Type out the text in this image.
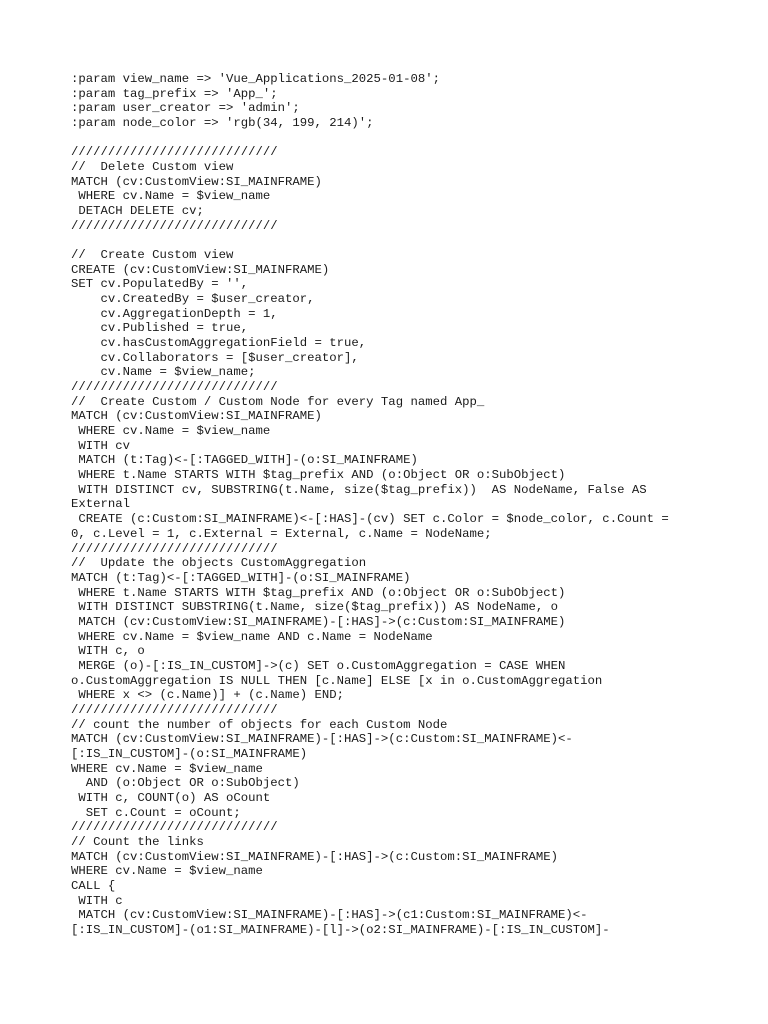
:param view_name => 'Vue_Applications_2025-01-08';
:param tag_prefix => 'App_';
:param user_creator => 'admin';
:param node_color => 'rgb(34, 199, 214)';
////////////////////////////
//  Delete Custom view
MATCH (cv:CustomView:SI_MAINFRAME)
WHERE cv.Name = $view_name
DETACH DELETE cv;
////////////////////////////
//  Create Custom view
CREATE (cv:CustomView:SI_MAINFRAME)
SET cv.PopulatedBy = '',
cv.CreatedBy = $user_creator,
cv.AggregationDepth = 1,
cv.Published = true,
cv.hasCustomAggregationField = true,
cv.Collaborators = [$user_creator],
cv.Name = $view_name;
////////////////////////////
//  Create Custom / Custom Node for every Tag named App_
MATCH (cv:CustomView:SI_MAINFRAME)
WHERE cv.Name = $view_name
WITH cv
MATCH (t:Tag)<-[:TAGGED_WITH]-(o:SI_MAINFRAME)
WHERE t.Name STARTS WITH $tag_prefix AND (o:Object OR o:SubObject)
WITH DISTINCT cv, SUBSTRING(t.Name, size($tag_prefix))  AS NodeName, False AS
External
CREATE (c:Custom:SI_MAINFRAME)<-[:HAS]-(cv) SET c.Color = $node_color, c.Count =
0, c.Level = 1, c.External = External, c.Name = NodeName;
////////////////////////////
//  Update the objects CustomAggregation
MATCH (t:Tag)<-[:TAGGED_WITH]-(o:SI_MAINFRAME)
WHERE t.Name STARTS WITH $tag_prefix AND (o:Object OR o:SubObject)
WITH DISTINCT SUBSTRING(t.Name, size($tag_prefix)) AS NodeName, o
MATCH (cv:CustomView:SI_MAINFRAME)-[:HAS]->(c:Custom:SI_MAINFRAME)
WHERE cv.Name = $view_name AND c.Name = NodeName
WITH c, o
MERGE (o)-[:IS_IN_CUSTOM]->(c) SET o.CustomAggregation = CASE WHEN
o.CustomAggregation IS NULL THEN [c.Name] ELSE [x in o.CustomAggregation
WHERE x <> (c.Name)] + (c.Name) END;
////////////////////////////
// count the number of objects for each Custom Node
MATCH (cv:CustomView:SI_MAINFRAME)-[:HAS]->(c:Custom:SI_MAINFRAME)<-
[:IS_IN_CUSTOM]-(o:SI_MAINFRAME)
WHERE cv.Name = $view_name
AND (o:Object OR o:SubObject)
WITH c, COUNT(o) AS oCount
SET c.Count = oCount;
////////////////////////////
// Count the links
MATCH (cv:CustomView:SI_MAINFRAME)-[:HAS]->(c:Custom:SI_MAINFRAME)
WHERE cv.Name = $view_name
CALL {
WITH c
MATCH (cv:CustomView:SI_MAINFRAME)-[:HAS]->(c1:Custom:SI_MAINFRAME)<-
[:IS_IN_CUSTOM]-(o1:SI_MAINFRAME)-[l]->(o2:SI_MAINFRAME)-[:IS_IN_CUSTOM]-
